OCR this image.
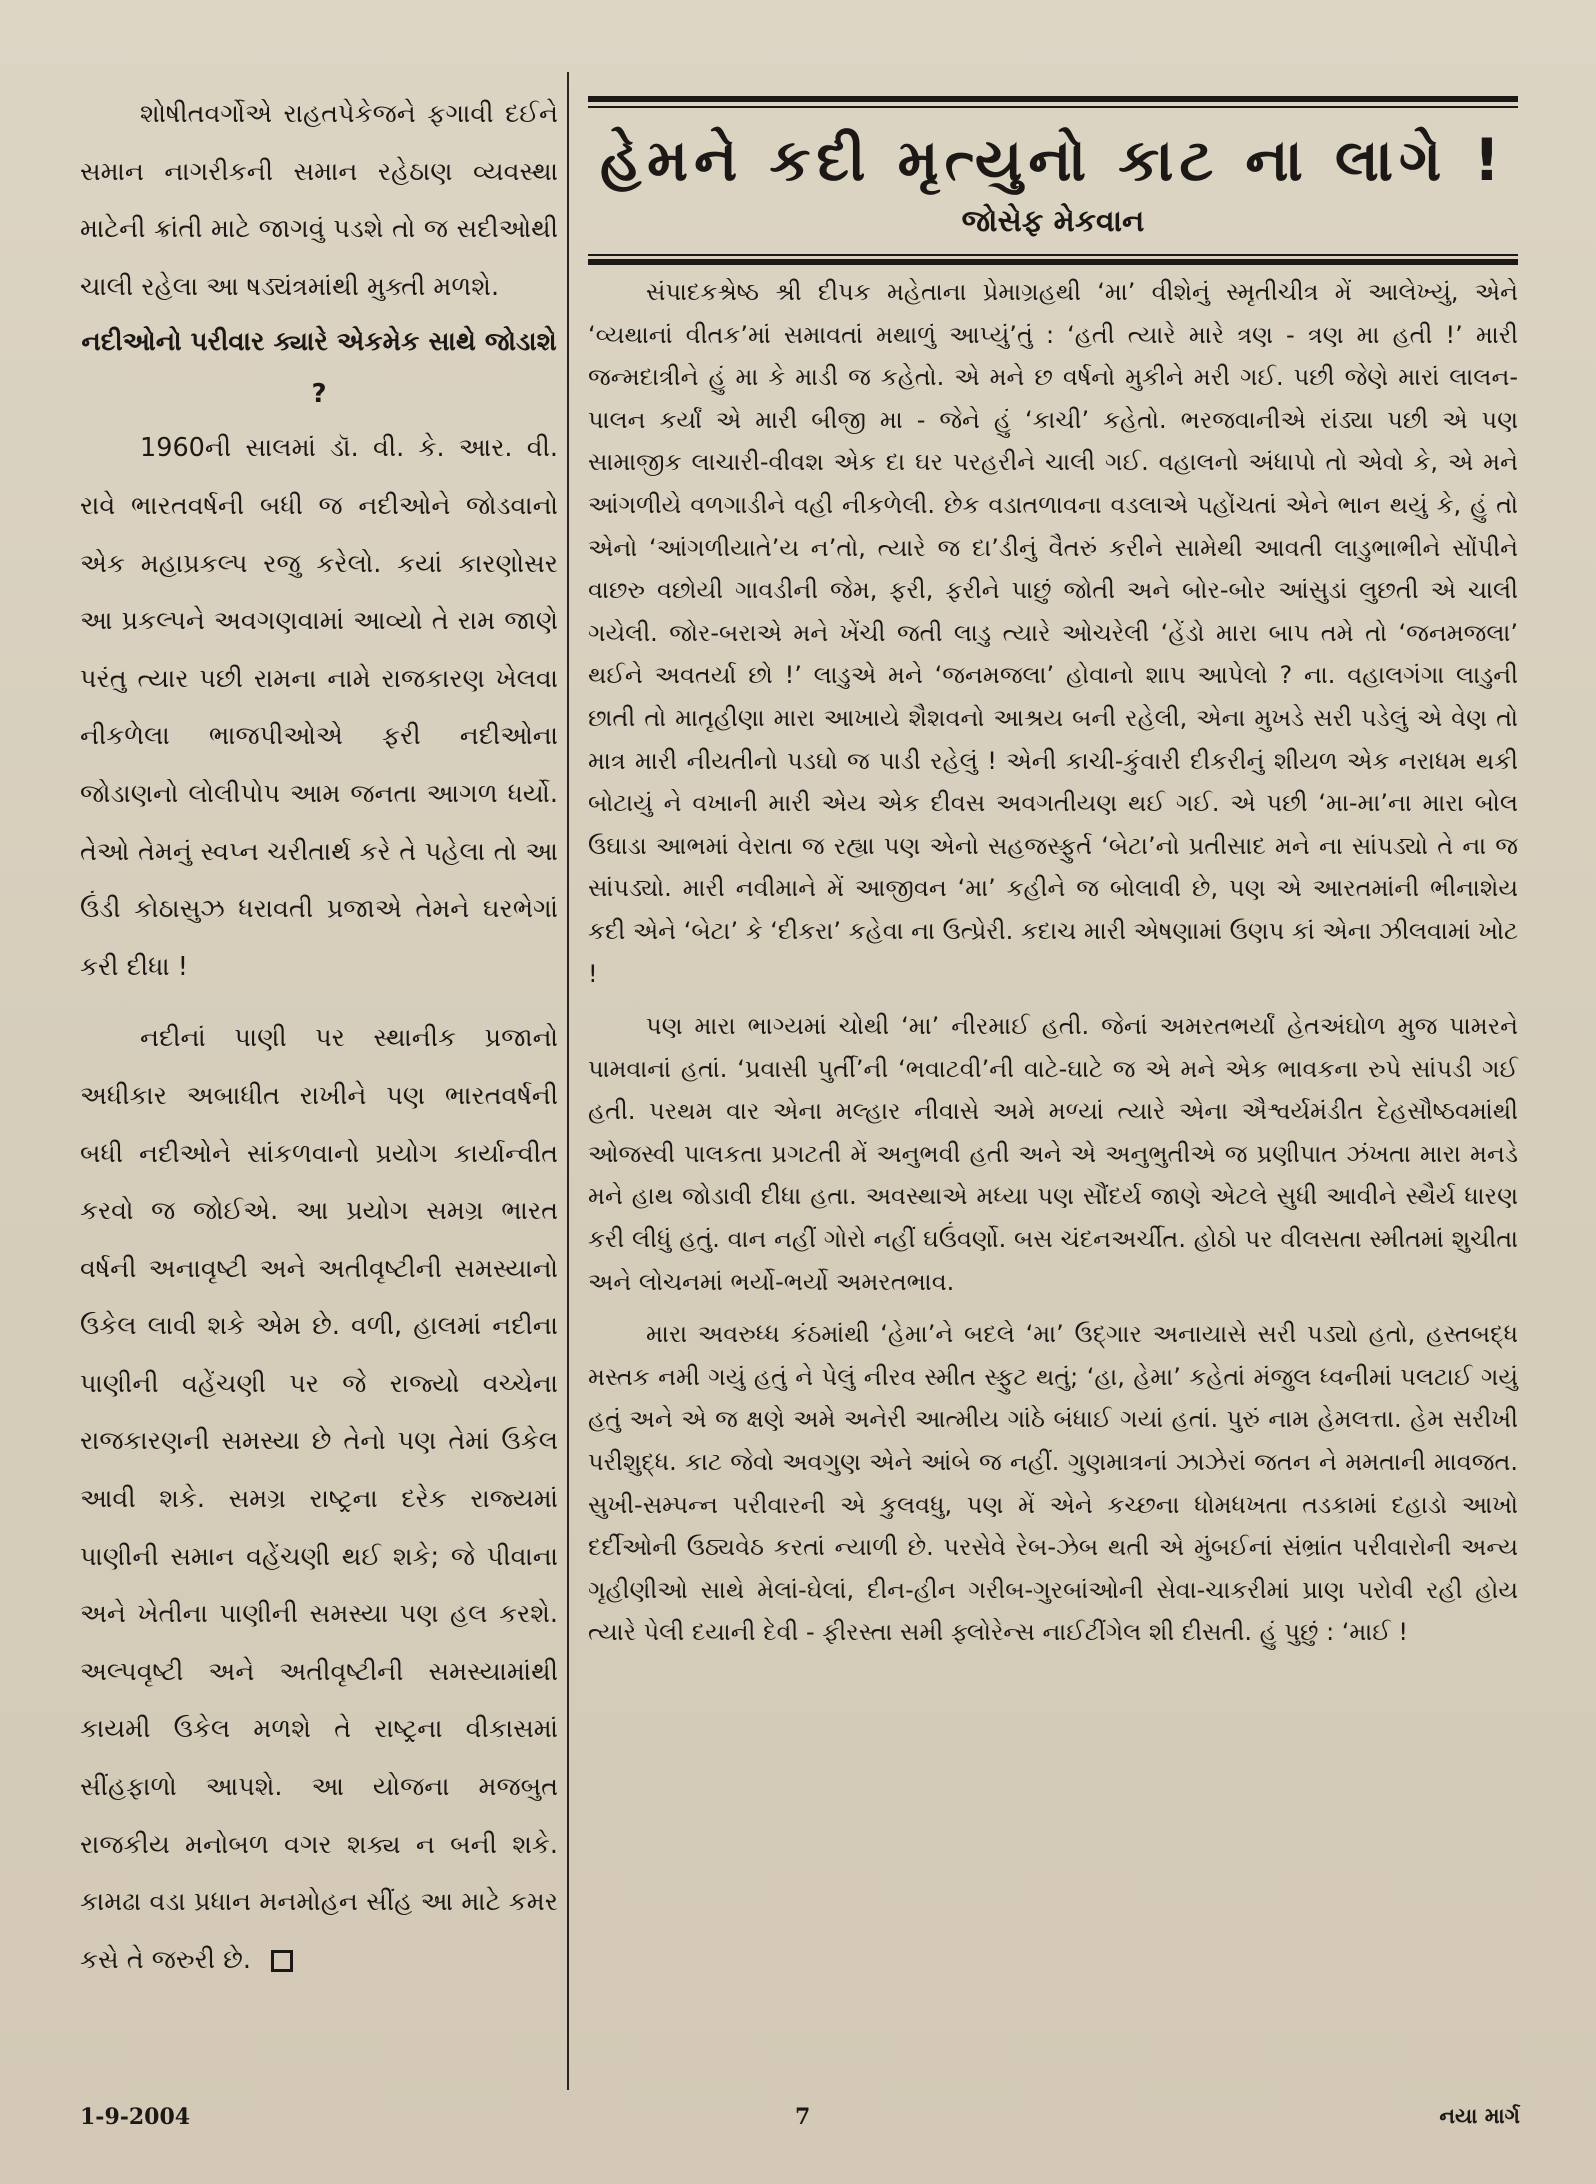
શોષીતવર્ગોએ રાહતપેકેજને ફગાવી દઈને સમાન નાગરીકની સમાન રહેઠાણ વ્યવસ્થા માટેની ક્રાંતી માટે જાગવું પડશે તો જ સદીઓથી ચાલી રહેલા આ ષડ્યંત્રમાંથી મુક્તી મળશે.

નદીઓનો પરીવાર ક્યારે એકમેક સાથે જોડાશે ?

1960ની સાલમાં ડૉ. વી. કે. આર. વી. રાવે ભારતવર્ષની બધી જ નદીઓને જોડવાનો એક મહાપ્રકલ્પ રજુ કરેલો. કયાં કારણોસર આ પ્રકલ્પને અવગણવામાં આવ્યો તે રામ જાણે પરંતુ ત્યાર પછી રામના નામે રાજકારણ ખેલવા નીકળેલા ભાજપીઓએ ફરી નદીઓના જોડાણનો લોલીપોપ આમ જનતા આગળ ધર્યો. તેઓ તેમનું સ્વપ્ન ચરીતાર્થ કરે તે પહેલા તો આ ઉંડી કોઠાસુઝ ધરાવતી પ્રજાએ તેમને ઘરભેગાં કરી દીધા !

નદીનાં પાણી પર સ્થાનીક પ્રજાનો અધીકાર અબાધીત રાખીને પણ ભારતવર્ષની બધી નદીઓને સાંકળવાનો પ્રયોગ કાર્યાન્વીત કરવો જ જોઈએ. આ પ્રયોગ સમગ્ર ભારત વર્ષની અનાવૃષ્ટી અને અતીવૃષ્ટીની સમસ્યાનો ઉકેલ લાવી શકે એમ છે. વળી, હાલમાં નદીના પાણીની વહેંચણી પર જે રાજ્યો વચ્ચેના રાજકારણની સમસ્યા છે તેનો પણ તેમાં ઉકેલ આવી શકે. સમગ્ર રાષ્ટ્રના દરેક રાજ્યમાં પાણીની સમાન વહેંચણી થઈ શકે; જે પીવાના અને ખેતીના પાણીની સમસ્યા પણ હલ કરશે. અલ્પવૃષ્ટી અને અતીવૃષ્ટીની સમસ્યામાંથી કાયમી ઉકેલ મળશે તે રાષ્ટ્રના વીકાસમાં સીંહફાળો આપશે. આ યોજના મજબુત રાજકીય મનોબળ વગર શક્ય ન બની શકે. કામઢા વડા પ્રધાન મનમોહન સીંહ આ માટે કમર કસે તે જરુરી છે.

હેમને કદી મૃત્યુનો કાટ ના લાગે !
જોસેફ મેકવાન

સંપાદકશ્રેષ્ઠ શ્રી દીપક મહેતાના પ્રેમાગ્રહથી ‘મા’ વીશેનું સ્મૃતીચીત્ર મેં આલેખ્યું, એને ‘વ્યથાનાં વીતક’માં સમાવતાં મથાળું આપ્યું’તું : ‘હતી ત્યારે મારે ત્રણ - ત્રણ મા હતી !’ મારી જન્મદાત્રીને હું મા કે માડી જ કહેતો. એ મને છ વર્ષનો મુકીને મરી ગઈ. પછી જેણે મારાં લાલન-પાલન કર્યાં એ મારી બીજી મા - જેને હું ‘કાચી’ કહેતો. ભરજવાનીએ રાંડ્યા પછી એ પણ સામાજીક લાચારી-વીવશ એક દા ઘર પરહરીને ચાલી ગઈ. વહાલનો અંધાપો તો એવો કે, એ મને આંગળીયે વળગાડીને વહી નીકળેલી. છેક વડાતળાવના વડલાએ પહોંચતાં એને ભાન થયું કે, હું તો એનો ‘આંગળીયાતે’ય ન’તો, ત્યારે જ દા’ડીનું વૈતરું કરીને સામેથી આવતી લાડુભાભીને સોંપીને વાછરુ વછોયી ગાવડીની જેમ, ફરી, ફરીને પાછું જોતી અને બોર-બોર આંસુડાં લુછતી એ ચાલી ગયેલી. જોર-બરાએ મને ખેંચી જતી લાડુ ત્યારે ઓચરેલી ‘હેંડો મારા બાપ તમે તો ‘જનમજલા’ થઈને અવતર્યા છો !’ લાડુએ મને ‘જનમજલા’ હોવાનો શાપ આપેલો ? ના. વહાલગંગા લાડુની છાતી તો માતૃહીણા મારા આખાયે શૈશવનો આશ્રય બની રહેલી, એના મુખડે સરી પડેલું એ વેણ તો માત્ર મારી નીયતીનો પડઘો જ પાડી રહેલું ! એની કાચી-કુંવારી દીકરીનું શીયળ એક નરાધમ થકી બોટાયું ને વખાની મારી એય એક દીવસ અવગતીયણ થઈ ગઈ. એ પછી ‘મા-મા’ના મારા બોલ ઉઘાડા આભમાં વેરાતા જ રહ્યા પણ એનો સહજસ્ફુર્ત ‘બેટા’નો પ્રતીસાદ મને ના સાંપડ્યો તે ના જ સાંપડ્યો. મારી નવીમાને મેં આજીવન ‘મા’ કહીને જ બોલાવી છે, પણ એ આરતમાંની ભીનાશેય કદી એને ‘બેટા’ કે ‘દીકરા’ કહેવા ના ઉત્પ્રેરી. કદાચ મારી એષણામાં ઉણપ કાં એના ઝીલવામાં ખોટ !

પણ મારા ભાગ્યમાં ચોથી ‘મા’ નીરમાઈ હતી. જેનાં અમરતભર્યાં હેતઅંઘોળ મુજ પામરને પામવાનાં હતાં. ‘પ્રવાસી પુર્તી’ની ‘ભવાટવી’ની વાટે-ઘાટે જ એ મને એક ભાવકના રુપે સાંપડી ગઈ હતી. પરથમ વાર એના મલ્હાર નીવાસે અમે મળ્યાં ત્યારે એના ઐશ્વર્યમંડીત દેહસૌષ્ઠવમાંથી ઓજસ્વી પાલકતા પ્રગટતી મેં અનુભવી હતી અને એ અનુભુતીએ જ પ્રણીપાત ઝંખતા મારા મનડે મને હાથ જોડાવી દીધા હતા. અવસ્થાએ મધ્યા પણ સૌંદર્ય જાણે એટલે સુધી આવીને સ્થૈર્ય ધારણ કરી લીધું હતું. વાન નહીં ગોરો નહીં ઘઉંવર્ણો. બસ ચંદનઅર્ચીત. હોઠો પર વીલસતા સ્મીતમાં શુચીતા અને લોચનમાં ભર્યો-ભર્યો અમરતભાવ.

મારા અવરુધ્ધ કંઠમાંથી ‘હેમા’ને બદલે ‘મા’ ઉદ્ગાર અનાયાસે સરી પડ્યો હતો, હસ્તબદ્ધ મસ્તક નમી ગયું હતું ને પેલું નીરવ સ્મીત સ્ફુટ થતું; ‘હા, હેમા’ કહેતાં મંજુલ ધ્વનીમાં પલટાઈ ગયું હતું અને એ જ ક્ષણે અમે અનેરી આત્મીય ગાંઠે બંધાઈ ગયાં હતાં. પુરું નામ હેમલત્તા. હેમ સરીખી પરીશુદ્ધ. કાટ જેવો અવગુણ એને આંબે જ નહીં. ગુણમાત્રનાં ઝાઝેરાં જતન ને મમતાની માવજત. સુખી-સમ્પન્ન પરીવારની એ કુલવધુ, પણ મેં એને કચ્છના ધોમધખતા તડકામાં દહાડો આખો દર્દીઓની ઉઠ્યવેઠ કરતાં ન્યાળી છે. પરસેવે રેબ-ઝેબ થતી એ મુંબઈનાં સંભ્રાંત પરીવારોની અન્ય ગૃહીણીઓ સાથે મેલાં-ઘેલાં, દીન-હીન ગરીબ-ગુરબાંઓની સેવા-ચાકરીમાં પ્રાણ પરોવી રહી હોય ત્યારે પેલી દયાની દેવી - ફીરસ્તા સમી ફ્લોરેન્સ નાઈટીંગેલ શી દીસતી. હું પુછું : ‘માઈ !

1-9-2004	7	નયા માર્ગ
